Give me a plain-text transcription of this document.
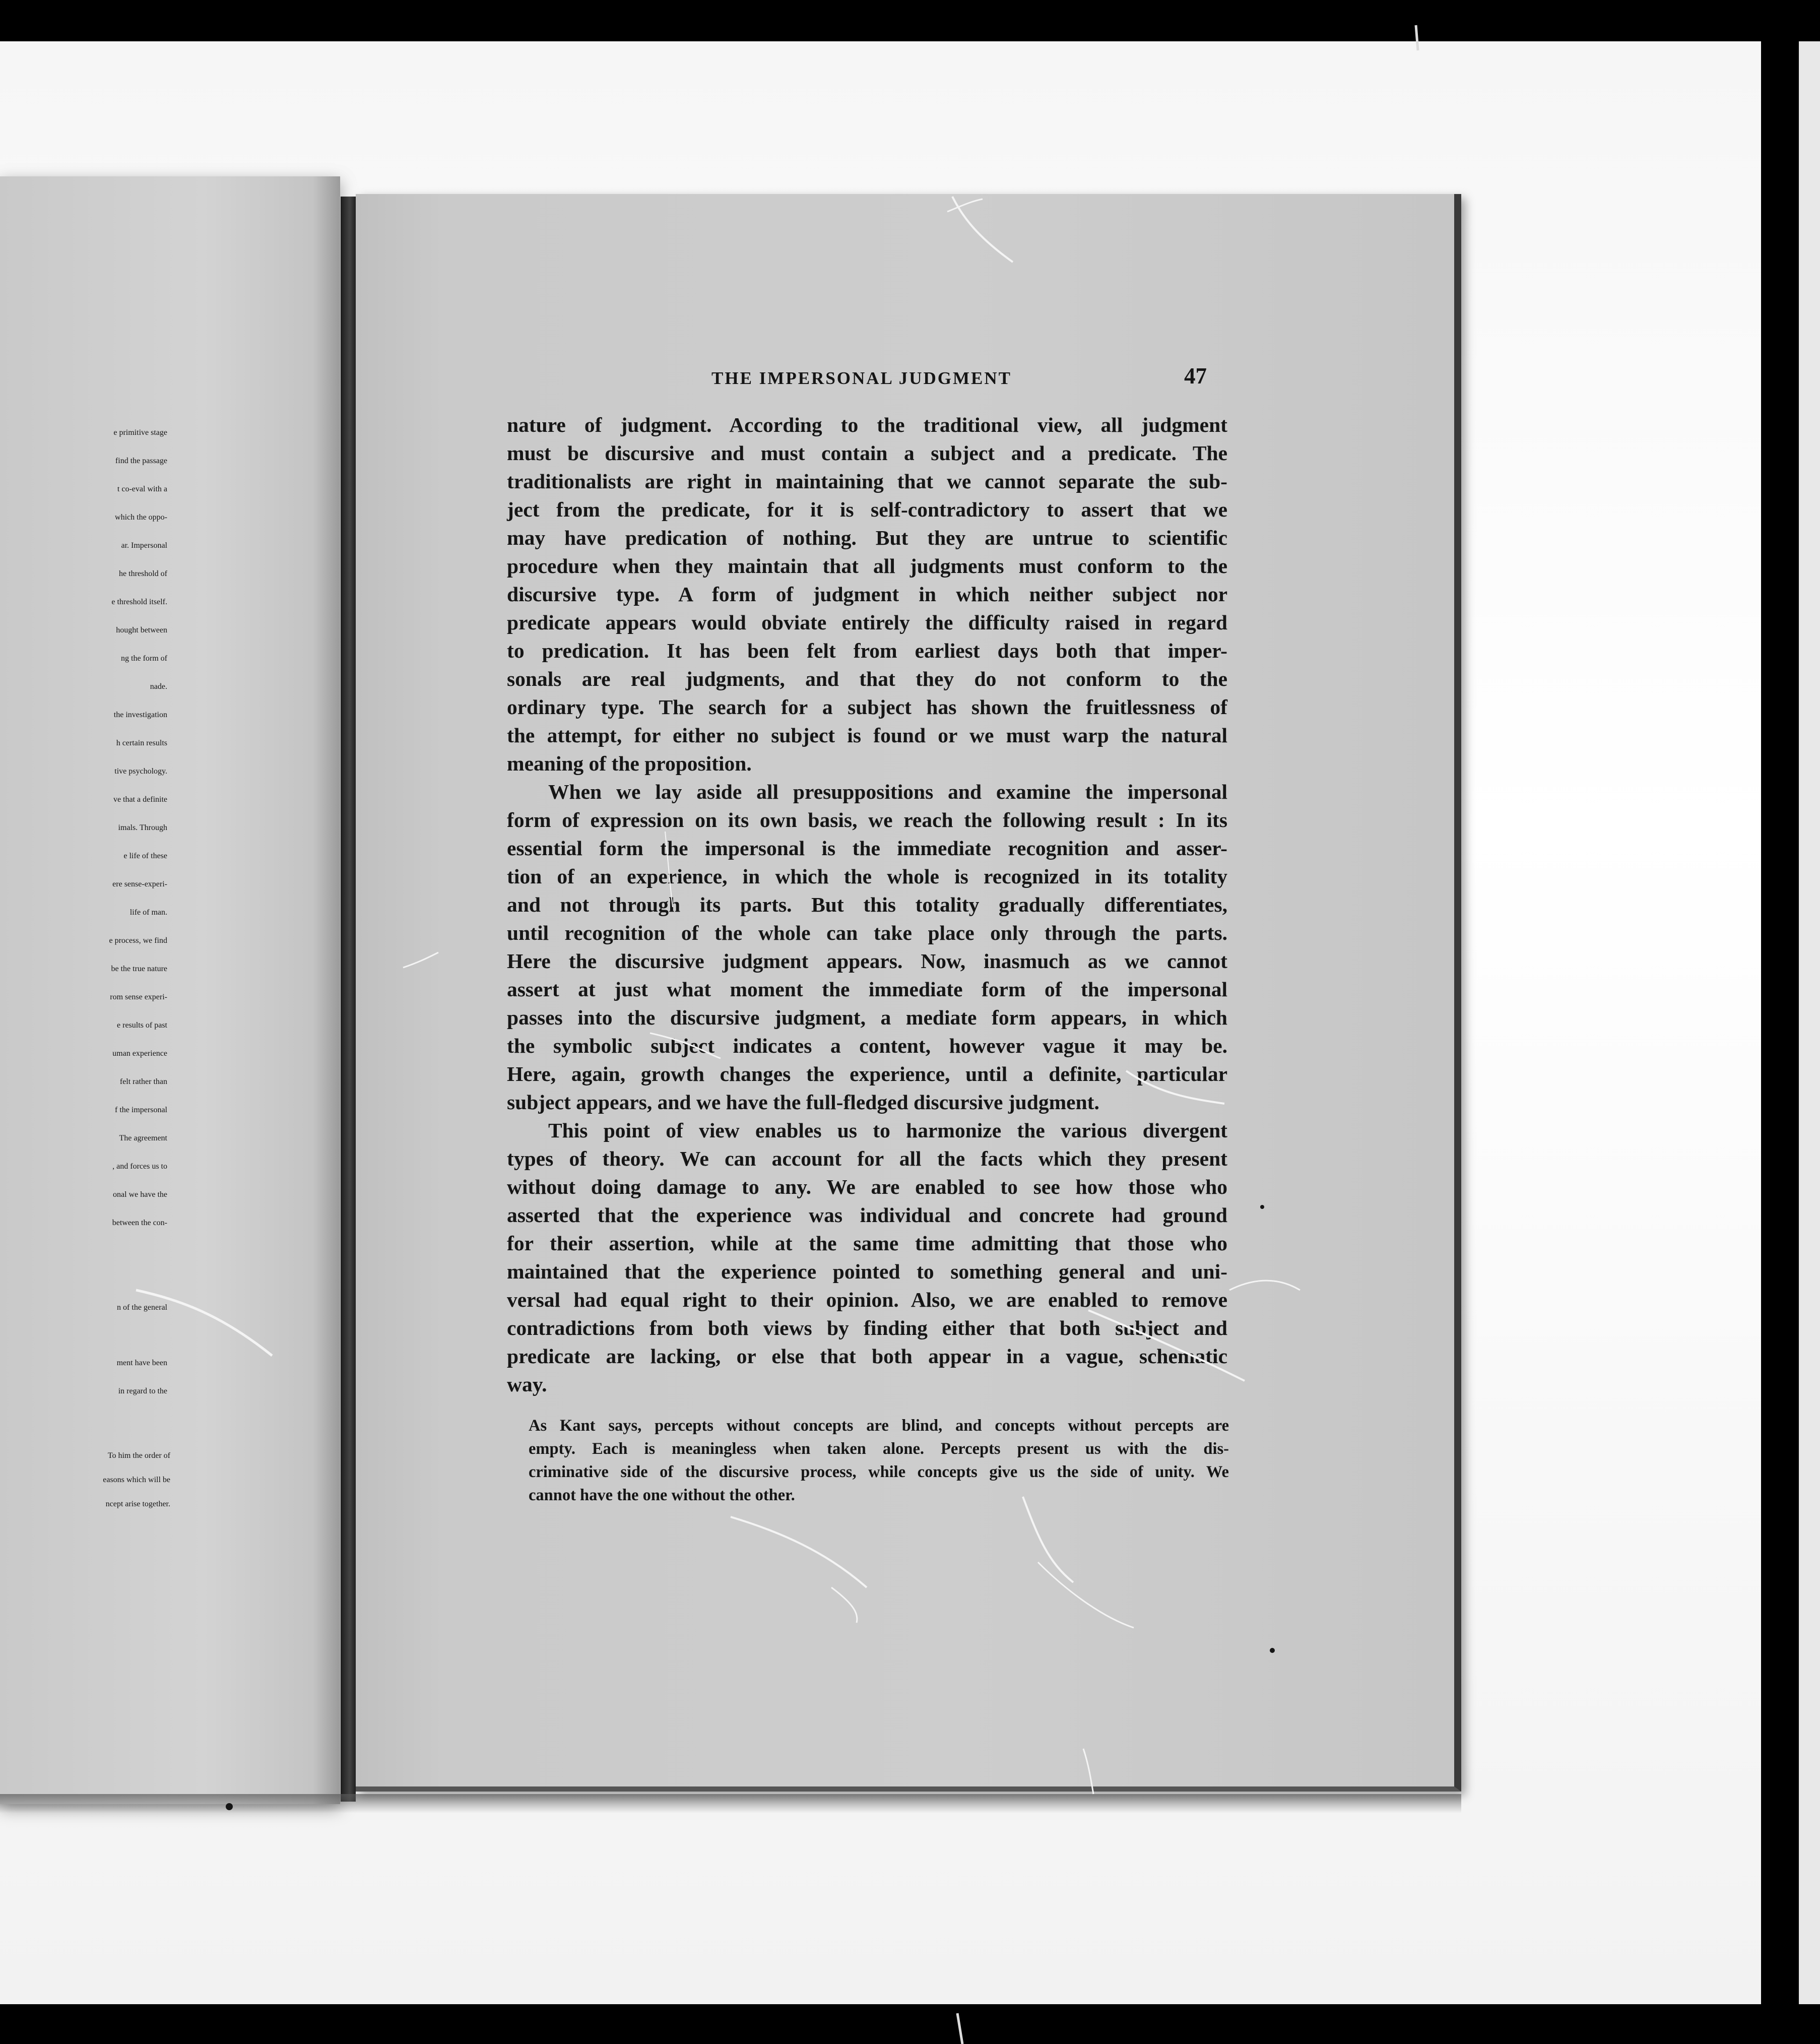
THE IMPERSONAL JUDGMENT	47
nature of judgment. According to the traditional view, all judgment
must be discursive and must contain a subject and a predicate. The
traditionalists are right in maintaining that we cannot separate the sub-
ject from the predicate, for it is self-contradictory to assert that we
may have predication of nothing. But they are untrue to scientific
procedure when they maintain that all judgments must conform to the
discursive type. A form of judgment in which neither subject nor
predicate appears would obviate entirely the difficulty raised in regard
to predication. It has been felt from earliest days both that imper-
sonals are real judgments, and that they do not conform to the
ordinary type. The search for a subject has shown the fruitlessness of
the attempt, for either no subject is found or we must warp the natural
meaning of the proposition.
When we lay aside all presuppositions and examine the impersonal
form of expression on its own basis, we reach the following result : In its
essential form the impersonal is the immediate recognition and asser-
tion of an experience, in which the whole is recognized in its totality
and not through its parts. But this totality gradually differentiates,
until recognition of the whole can take place only through the parts.
Here the discursive judgment appears. Now, inasmuch as we cannot
assert at just what moment the immediate form of the impersonal
passes into the discursive judgment, a mediate form appears, in which
the symbolic subject indicates a content, however vague it may be.
Here, again, growth changes the experience, until a definite, particular
subject appears, and we have the full-fledged discursive judgment.
This point of view enables us to harmonize the various divergent
types of theory. We can account for all the facts which they present
without doing damage to any. We are enabled to see how those who
asserted that the experience was individual and concrete had ground
for their assertion, while at the same time admitting that those who
maintained that the experience pointed to something general and uni-
versal had equal right to their opinion. Also, we are enabled to remove
contradictions from both views by finding either that both subject and
predicate are lacking, or else that both appear in a vague, schematic
way.
As Kant says, percepts without concepts are blind, and concepts without percepts are
empty. Each is meaningless when taken alone. Percepts present us with the dis-
criminative side of the discursive process, while concepts give us the side of unity. We
cannot have the one without the other.
e primitive stage
find the passage
t co-eval with a
which the oppo-
ar. Impersonal
he threshold of
e threshold itself.
hought between
ng the form of
nade.
the investigation
h certain results
tive psychology.
ve that a definite
imals. Through
e life of these
ere sense-experi-
life of man.
e process, we find
be the true nature
rom sense experi-
e results of past
uman experience
felt rather than
f the impersonal
The agreement
, and forces us to
onal we have the
between the con-
n of the general
ment have been
in regard to the
To him the order of
easons which will be
ncept arise together.
